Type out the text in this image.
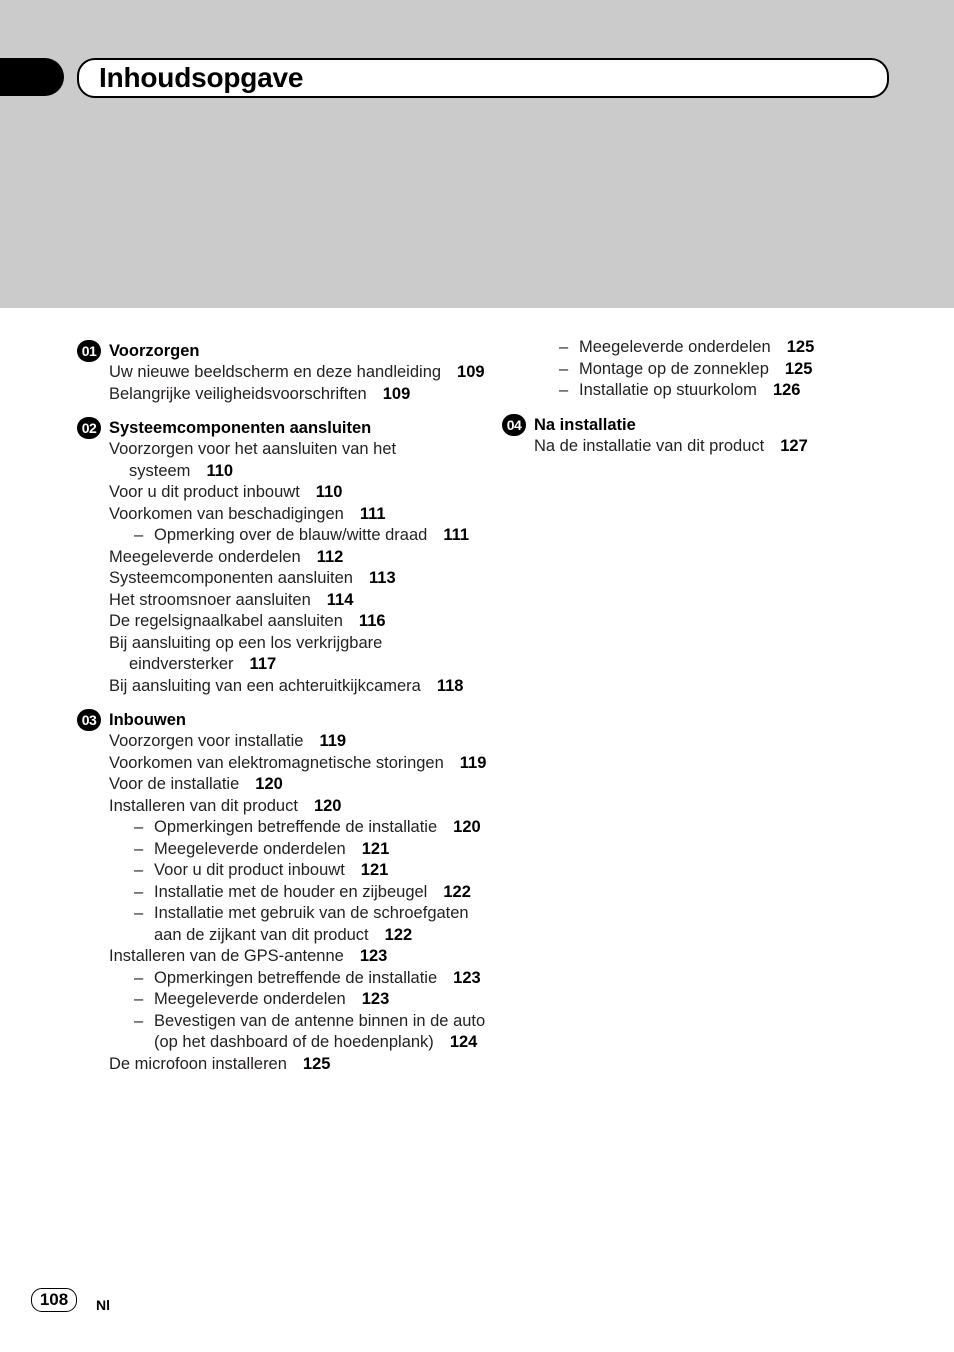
Inhoudsopgave
01 Voorzorgen
Uw nieuwe beeldscherm en deze handleiding 109
Belangrijke veiligheidsvoorschriften 109
02 Systeemcomponenten aansluiten
Voorzorgen voor het aansluiten van het systeem 110
Voor u dit product inbouwt 110
Voorkomen van beschadigingen 111
– Opmerking over de blauw/witte draad 111
Meegeleverde onderdelen 112
Systeemcomponenten aansluiten 113
Het stroomsnoer aansluiten 114
De regelsignaalkabel aansluiten 116
Bij aansluiting op een los verkrijgbare eindversterker 117
Bij aansluiting van een achteruitkijkcamera 118
03 Inbouwen
Voorzorgen voor installatie 119
Voorkomen van elektromagnetische storingen 119
Voor de installatie 120
Installeren van dit product 120
– Opmerkingen betreffende de installatie 120
– Meegeleverde onderdelen 121
– Voor u dit product inbouwt 121
– Installatie met de houder en zijbeugel 122
– Installatie met gebruik van de schroefgaten aan de zijkant van dit product 122
Installeren van de GPS-antenne 123
– Opmerkingen betreffende de installatie 123
– Meegeleverde onderdelen 123
– Bevestigen van de antenne binnen in de auto (op het dashboard of de hoedenplank) 124
De microfoon installeren 125
– Meegeleverde onderdelen 125
– Montage op de zonneklep 125
– Installatie op stuurkolom 126
04 Na installatie
Na de installatie van dit product 127
108	Nl
